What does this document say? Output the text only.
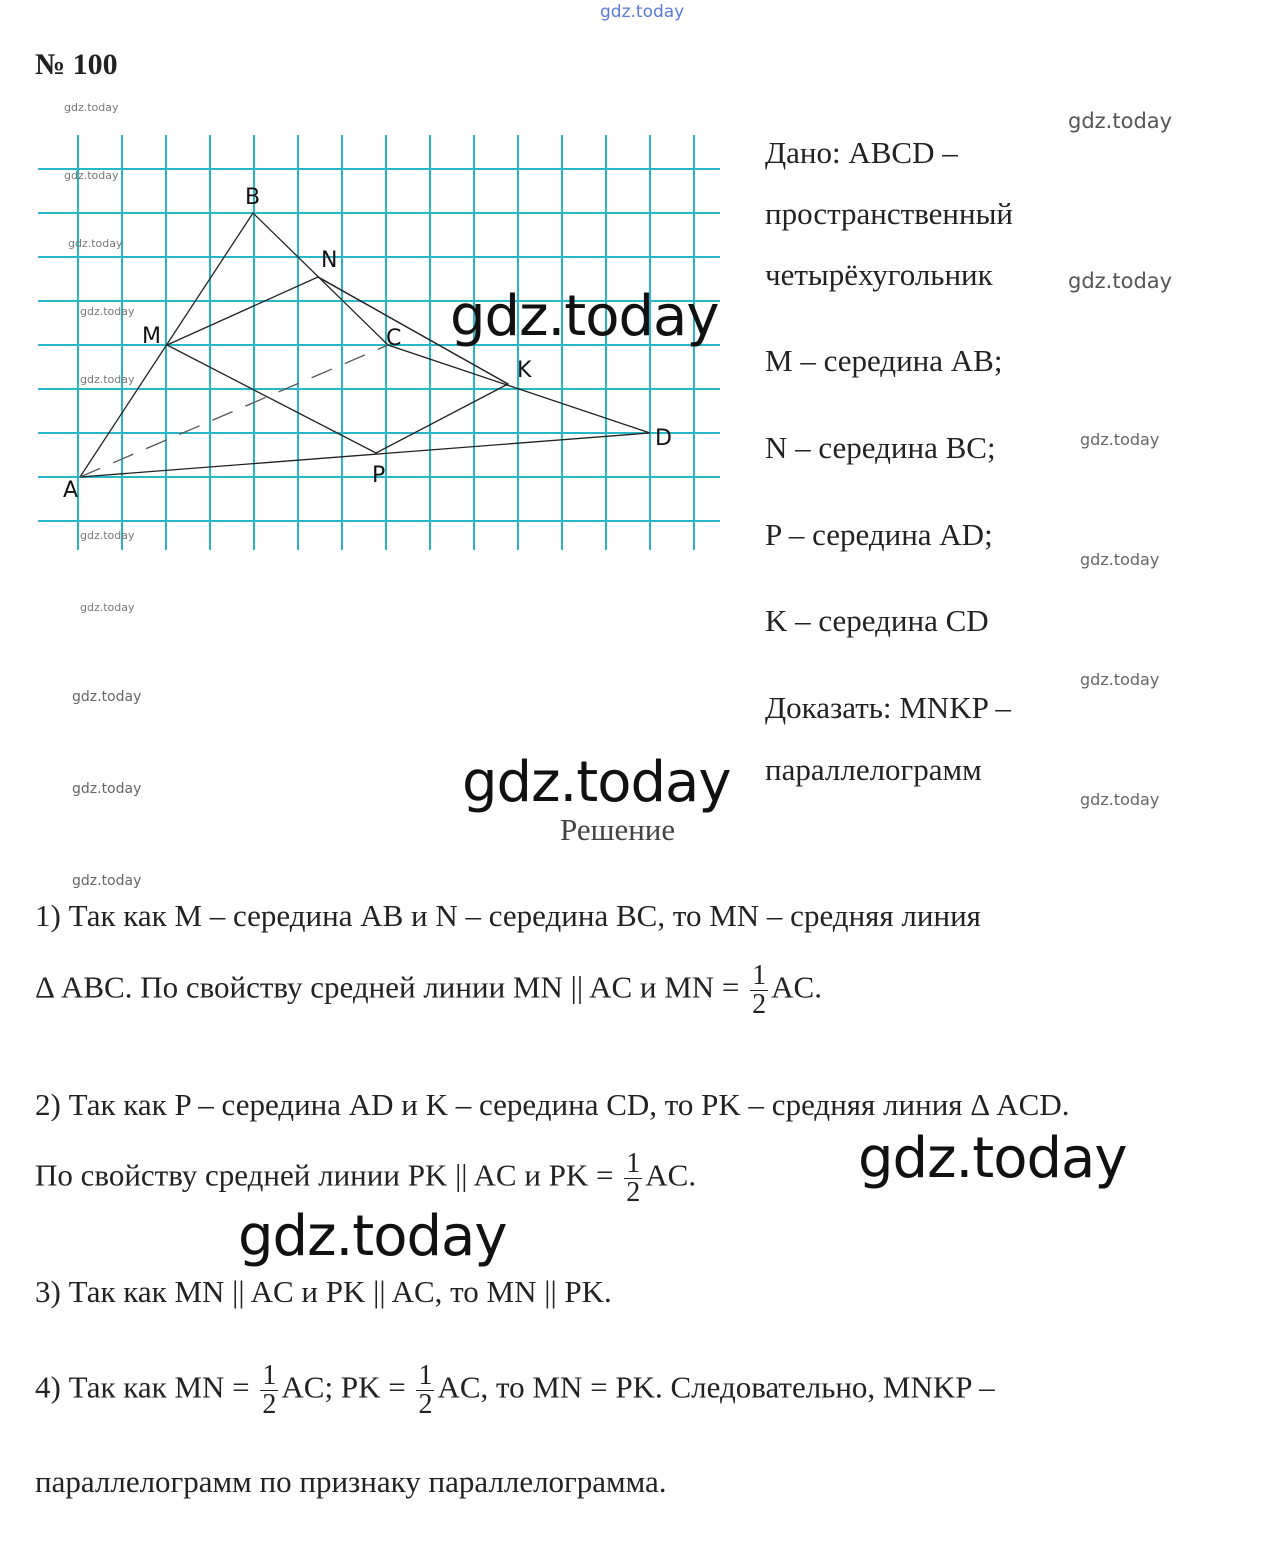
gdz.today
№ 100
A
B
C
D
M
N
P
K
gdz.today
gdz.today
gdz.today
gdz.today
gdz.today
gdz.today
gdz.today
gdz.today
gdz.today
gdz.today
gdz.today
gdz.today
gdz.today
gdz.today
gdz.today
gdz.today
gdz.today
gdz.today
gdz.today
gdz.today
Дано: ABCD –
пространственный
четырёхугольник
M – середина AB;
N – середина BC;
P – середина AD;
K – середина CD
Доказать: MNKP –
параллелограмм
Решение
1) Так как M – середина AB и N – середина BC, то MN – средняя линия
Δ ABC. По свойству средней линии MN || AC и MN = $\frac{1}{2}$ AC.
2) Так как P – середина AD и K – середина CD, то PK – средняя линия Δ ACD.
По свойству средней линии PK || AC и PK = $\frac{1}{2}$ AC.
3) Так как MN || AC и PK || AC, то MN || PK.
4) Так как MN = $\frac{1}{2}$ AC; PK = $\frac{1}{2}$ AC, то MN = PK. Следовательно, MNKP –
параллелограмм по признаку параллелограмма.
